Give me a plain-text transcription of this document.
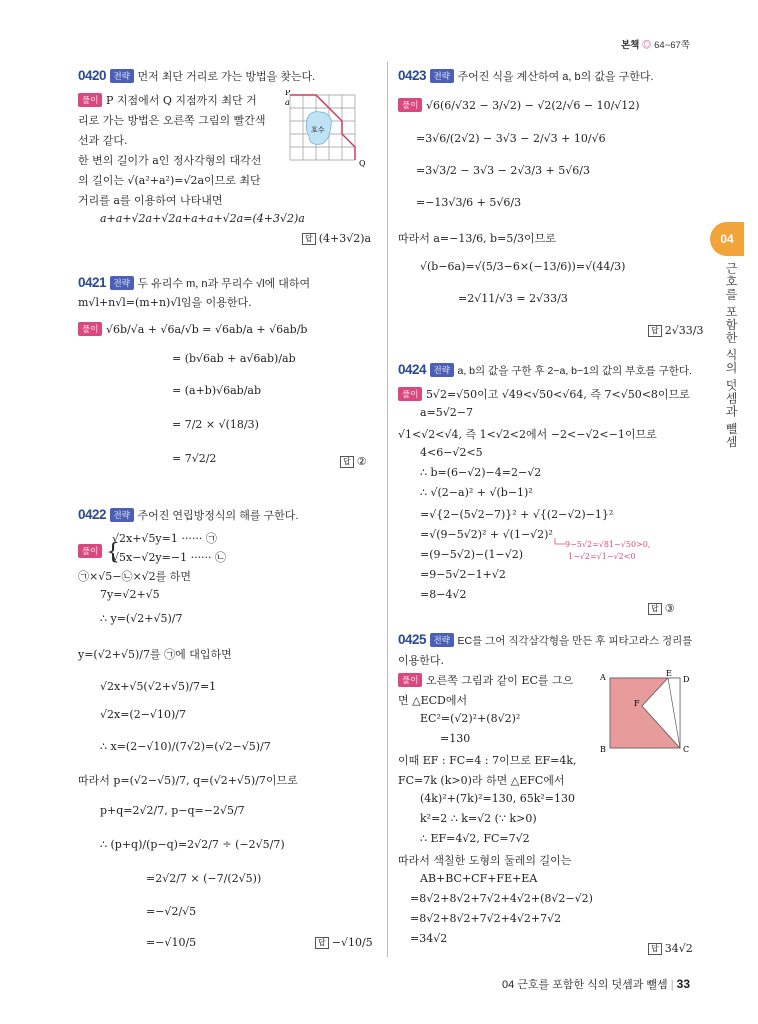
본책 ◎ 64~67쪽
04
근호를 포함한 식의 덧셈과 뺄셈
0420 전략 먼저 최단 거리로 가는 방법을 찾는다.
풀이 P 지점에서 Q 지점까지 최단 거
리로 가는 방법은 오른쪽 그림의 빨간색
선과 같다.
한 변의 길이가 a인 정사각형의 대각선
의 길이는 √(a²+a²)=√2a이므로 최단
거리를 a를 이용하여 나타내면
a+a+√2a+√2a+a+a+√2a=(4+3√2)a
답 (4+3√2)a
P
a
Q
호수
0421 전략 두 유리수 m, n과 무리수 √l에 대하여
m√l+n√l=(m+n)√l임을 이용한다.
풀이 √6b/√a + √6a/√b = √6ab/a + √6ab/b
= (b√6ab + a√6ab)/ab
= (a+b)√6ab/ab
= 7/2 × √(18/3)
= 7√2/2	답 ②
0422 전략 주어진 연립방정식의 해를 구한다.
풀이 {
√2x+√5y=1 ······ ㉠
√5x−√2y=−1 ······ ㉡
㉠×√5−㉡×√2를 하면
7y=√2+√5
∴ y=(√2+√5)/7
y=(√2+√5)/7를 ㉠에 대입하면
√2x+√5(√2+√5)/7=1
√2x=(2−√10)/7
∴ x=(2−√10)/(7√2)=(√2−√5)/7
따라서 p=(√2−√5)/7, q=(√2+√5)/7이므로
p+q=2√2/7, p−q=−2√5/7
∴ (p+q)/(p−q)=2√2/7 ÷ (−2√5/7)
=2√2/7 × (−7/(2√5))
=−√2/√5
=−√10/5	답 −√10/5
0423 전략 주어진 식을 계산하여 a, b의 값을 구한다.
풀이 √6(6/√32 − 3/√2) − √2(2/√6 − 10/√12)
=3√6/(2√2) − 3√3 − 2/√3 + 10/√6
=3√3/2 − 3√3 − 2√3/3 + 5√6/3
=−13√3/6 + 5√6/3
따라서 a=−13/6, b=5/3이므로
√(b−6a)=√(5/3−6×(−13/6))=√(44/3)
=2√11/√3 = 2√33/3
답 2√33/3
0424 전략 a, b의 값을 구한 후 2−a, b−1의 값의 부호를 구한다.
풀이 5√2=√50이고 √49<√50<√64, 즉 7<√50<8이므로
a=5√2−7
√1<√2<√4, 즉 1<√2<2에서 −2<−√2<−1이므로
4<6−√2<5
∴ b=(6−√2)−4=2−√2
∴ √(2−a)² + √(b−1)²
=√{2−(5√2−7)}² + √{(2−√2)−1}²
=√(9−5√2)² + √(1−√2)²
=(9−5√2)−(1−√2)
=9−5√2−1+√2
=8−4√2
9−5√2=√81−√50>0,
1−√2=√1−√2<0
답 ③
0425 전략 EC를 그어 직각삼각형을 만든 후 피타고라스 정리를
이용한다.
풀이 오른쪽 그림과 같이 EC를 그으
면 △ECD에서
EC²=(√2)²+(8√2)²
=130
이때 EF : FC=4 : 7이므로 EF=4k,
FC=7k (k>0)라 하면 △EFC에서
(4k)²+(7k)²=130, 65k²=130
k²=2 ∴ k=√2 (∵ k>0)
∴ EF=4√2, FC=7√2
따라서 색칠한 도형의 둘레의 길이는
AB+BC+CF+FE+EA
=8√2+8√2+7√2+4√2+(8√2−√2)
=8√2+8√2+7√2+4√2+7√2
=34√2
답 34√2
A	E
D
F
B	C
04 근호를 포함한 식의 덧셈과 뺄셈 | 33
